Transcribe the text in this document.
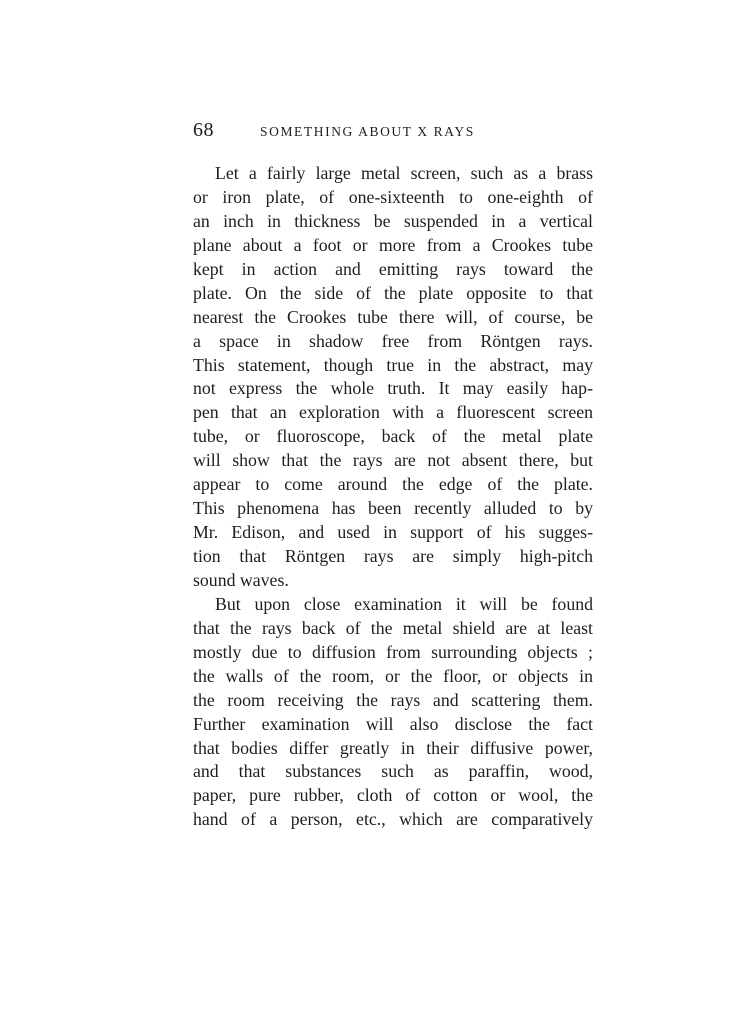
68	SOMETHING ABOUT X RAYS
Let a fairly large metal screen, such as a brass
or iron plate, of one-sixteenth to one-eighth of
an inch in thickness be suspended in a vertical
plane about a foot or more from a Crookes tube
kept in action and emitting rays toward the
plate. On the side of the plate opposite to that
nearest the Crookes tube there will, of course, be
a space in shadow free from Röntgen rays.
This statement, though true in the abstract, may
not express the whole truth. It may easily hap-
pen that an exploration with a fluorescent screen
tube, or fluoroscope, back of the metal plate
will show that the rays are not absent there, but
appear to come around the edge of the plate.
This phenomena has been recently alluded to by
Mr. Edison, and used in support of his sugges-
tion that Röntgen rays are simply high-pitch
sound waves.
But upon close examination it will be found
that the rays back of the metal shield are at least
mostly due to diffusion from surrounding objects ;
the walls of the room, or the floor, or objects in
the room receiving the rays and scattering them.
Further examination will also disclose the fact
that bodies differ greatly in their diffusive power,
and that substances such as paraffin, wood,
paper, pure rubber, cloth of cotton or wool, the
hand of a person, etc., which are comparatively
